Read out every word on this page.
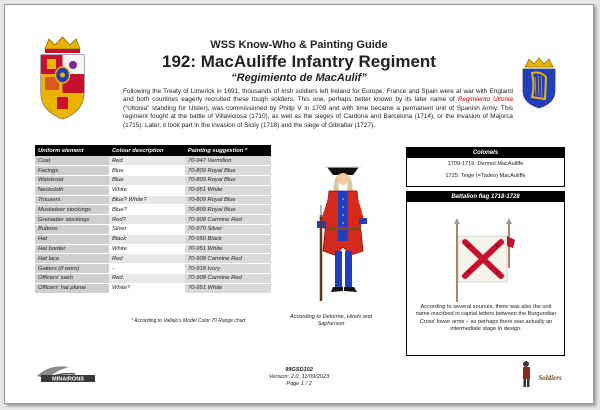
WSS Know-Who & Painting Guide
192: MacAuliffe Infantry Regiment
“Regimiento de MacAulif”
Following the Treaty of Limerick in 1691, thousands of Irish soldiers left Ireland for Europe. France and Spain were at war with England and both countries eagerly recruited these tough soldiers. This one, perhaps better known by its later name of Regimiento Ultonia (“Ultonia” standing for Ulster), was commissioned by Philip V in 1709 and with time became a permanent unit of Spanish Army. This regiment fought at the battle of Villaviciosa (1710), as well as the sieges of Cardona and Barcelona (1714), or the invasion of Majorca (1715). Later, it took part in the invasion of Sicily (1718) and the siege of Gibraltar (1727).
Uniform element	Colour description	Painting suggestion *
Coat	Red	70-947 Vermilion
Facings	Blue	70-809 Royal Blue
Waistcoat	Blue	70-809 Royal Blue
Neckcloth	White	70-951 White
Trousers	Blue? White?	70-809 Royal Blue
Musketeer stockings	Blue?	70-809 Royal Blue
Grenadier stockings	Red?	70-908 Carmine Red
Buttons	Silver	70-970 Silver
Hat	Black	70-950 Black
Hat border	White	70-951 White
Hat lace	Red	70-908 Carmine Red
Gaiters (if worn)	-	70-918 Ivory
Officers' sash	Red	70-908 Carmine Red
Officers' hat plume	White?	70-951 White
* According to Vallejo's Model Color 70 Range chart
According to Delorme, Hinds and
Sapherson
Colonels
1709-1715: Dermot MacAuliffe
1715: Teige (=Tadeo) MacAuliffe
Battalion flag 1718-1728
According to several sources, there was also the unit name inscribed in capital letters between the Burgundian Cross' lower arms – so perhaps there was actually an intermediate stage in design.
MINAIRONS	Soldiers
99GSD102
Version: 2.0, 11/09/2023
Page 1 / 2
